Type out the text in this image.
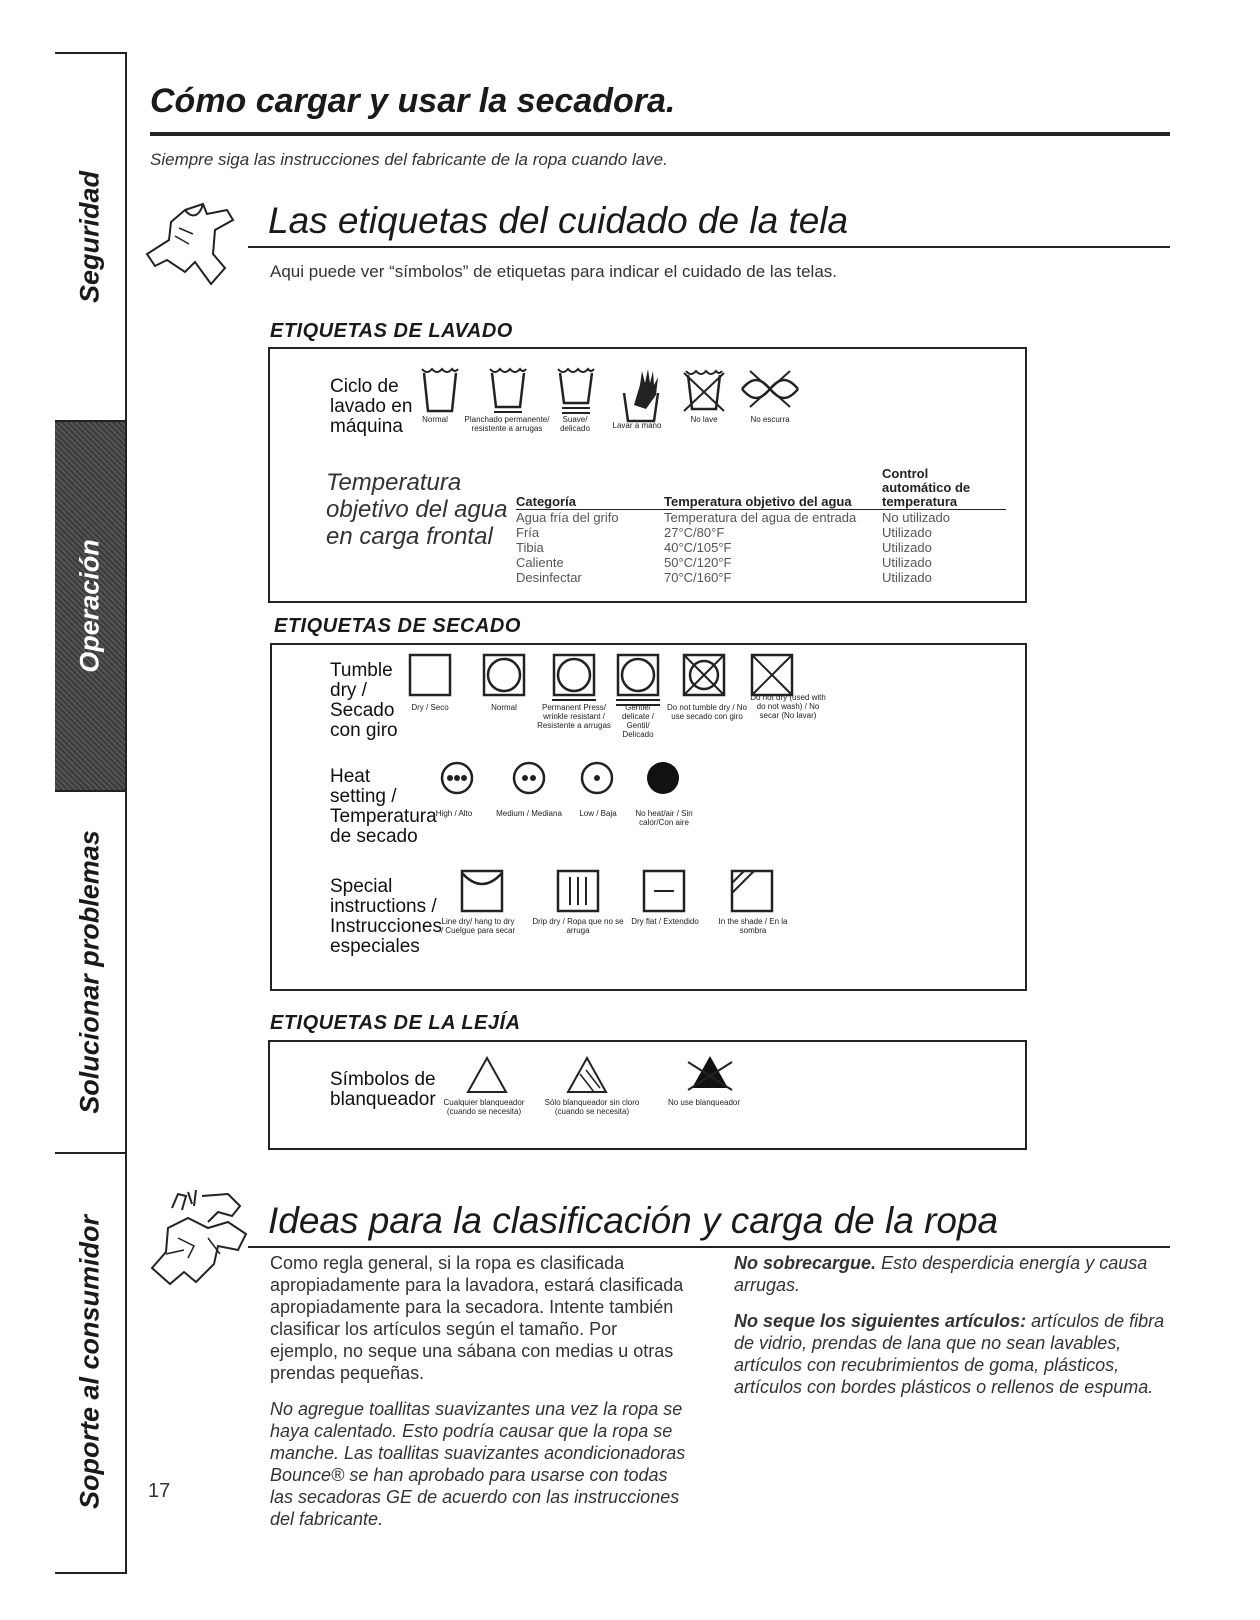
Seguridad
Operación
Solucionar problemas
Soporte al consumidor
Cómo cargar y usar la secadora.
Siempre siga las instrucciones del fabricante de la ropa cuando lave.
Las etiquetas del cuidado de la tela
Aqui puede ver “símbolos” de etiquetas para indicar el cuidado de las telas.
ETIQUETAS DE LAVADO
Ciclo de
lavado en
máquina	Normal	Planchado permanente/ resistente a arrugas
Suave/ delicado	Lavar a mano
No lave	No escurra
Temperatura
objetivo del agua
en carga frontal
Categoría	Temperatura objetivo del agua	Control automático de temperatura
Agua fría del grifo	Temperatura del agua de entrada	No utilizado
Fría	27°C/80°F	Utilizado
Tibia	40°C/105°F	Utilizado
Caliente	50°C/120°F	Utilizado
Desinfectar	70°C/160°F	Utilizado
ETIQUETAS DE SECADO
Tumble
dry /
Secado
con giro
Dry / Seco	Normal	Permanent Press/ wrinkle resistant / Resistente a arrugas
Gentle/ delicate / Gentil/ Delicado
Do not tumble dry / No use secado con giro
Do not dry (used with do not wash) / No secar (No lavar)
Heat
setting /
Temperatura
de secado
High / Alto	Medium / Mediana	Low / Baja	No heat/air / Sin calor/Con aire
Special
instructions /
Instrucciones
especiales
Line dry/ hang to dry / Cuelgue para secar
Drip dry / Ropa que no se arruga
Dry flat / Extendido	In the shade / En la sombra
ETIQUETAS DE LA LEJÍA
Símbolos de
blanqueador Cualquier blanqueador (cuando se necesita)
Sólo blanqueador sin cloro (cuando se necesita)
No use blanqueador
Ideas para la clasificación y carga de la ropa

Como regla general, si la ropa es clasificada apropiadamente para la lavadora, estará clasificada apropiadamente para la secadora. Intente también clasificar los artículos según el tamaño. Por ejemplo, no seque una sábana con medias u otras prendas pequeñas.

No agregue toallitas suavizantes una vez la ropa se haya calentado. Esto podría causar que la ropa se manche. Las toallitas suavizantes acondicionadoras Bounce® se han aprobado para usarse con todas las secadoras GE de acuerdo con las instrucciones del fabricante.

No sobrecargue. Esto desperdicia energía y causa arrugas.

No seque los siguientes artículos: artículos de fibra de vidrio, prendas de lana que no sean lavables, artículos con recubrimientos de goma, plásticos, artículos con bordes plásticos o rellenos de espuma.

17
